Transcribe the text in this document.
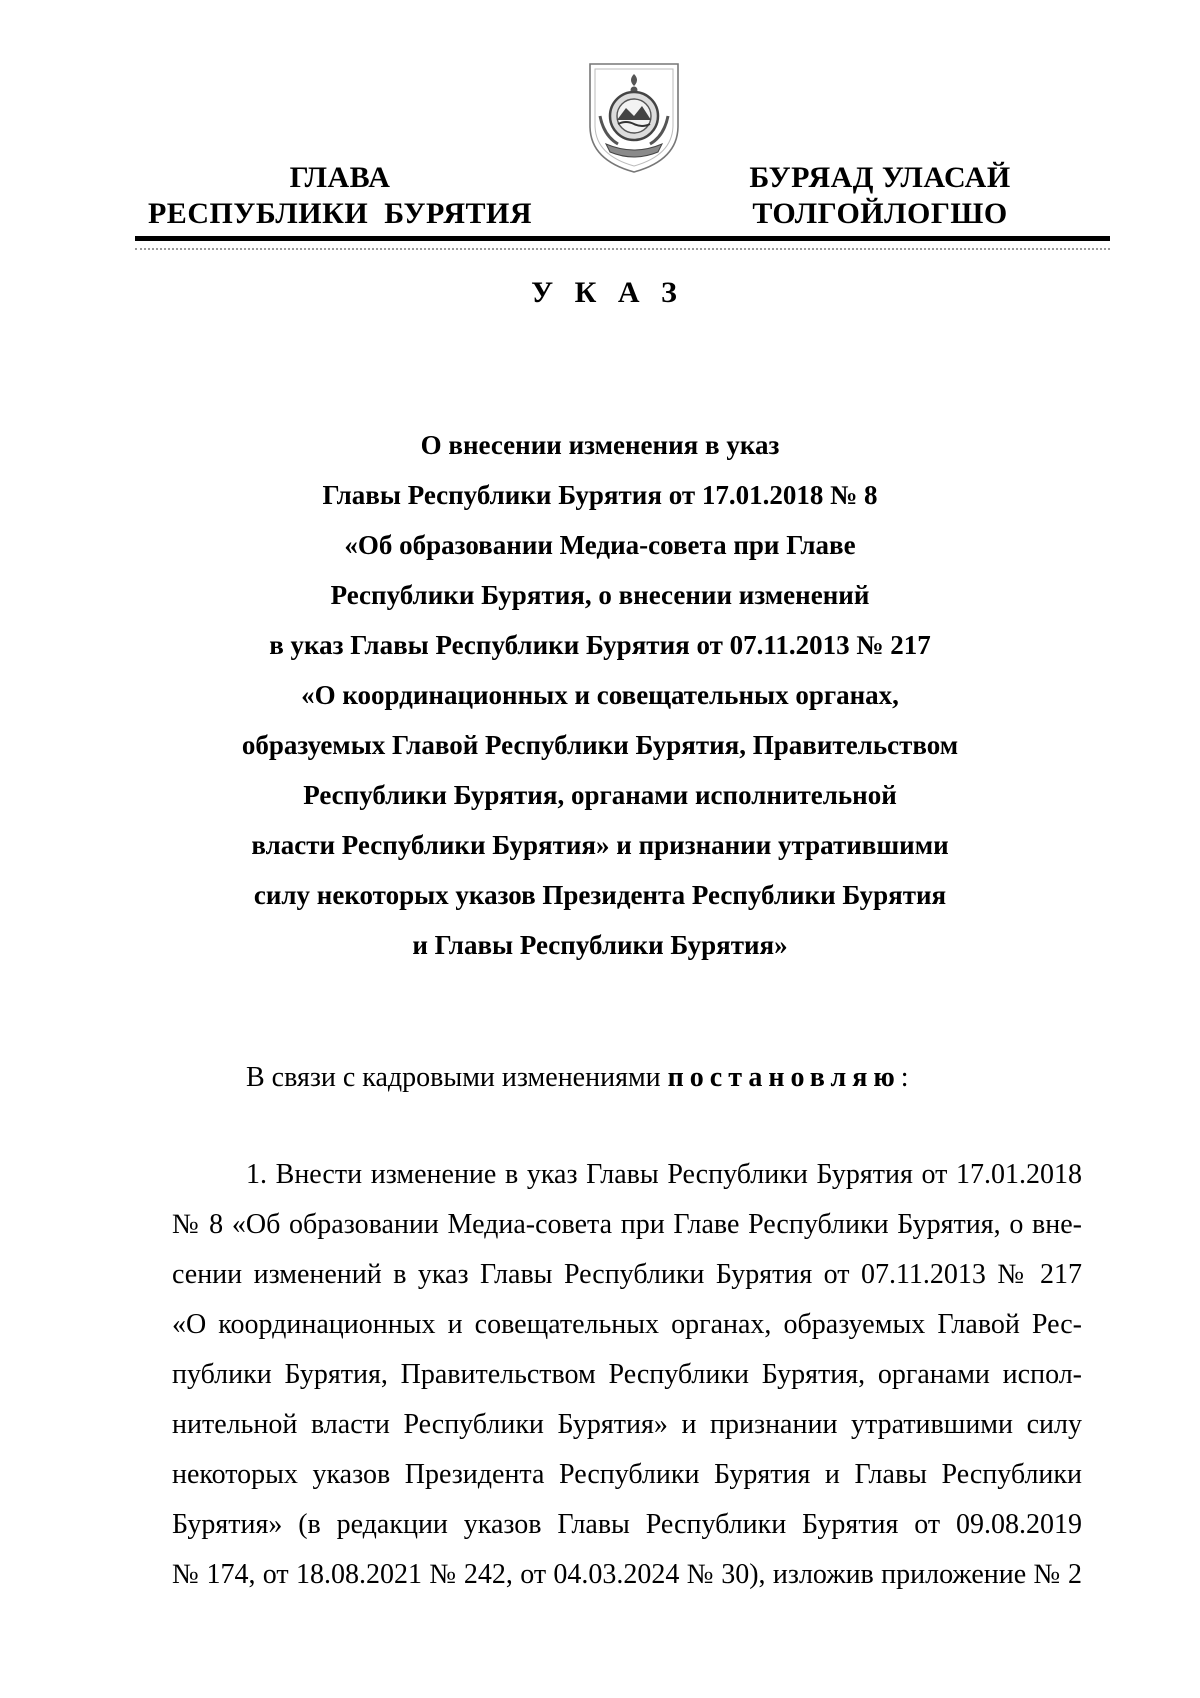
ГЛАВА
РЕСПУБЛИКИ  БУРЯТИЯ
БУРЯАД УЛАСАЙ
ТОЛГОЙЛОГШО
У К А З
О внесении изменения в указ
Главы Республики Бурятия от 17.01.2018 № 8
«Об образовании Медиа-совета при Главе
Республики Бурятия, о внесении изменений
в указ Главы Республики Бурятия от 07.11.2013 № 217
«О координационных и совещательных органах,
образуемых Главой Республики Бурятия, Правительством
Республики Бурятия, органами исполнительной
власти Республики Бурятия» и признании утратившими
силу некоторых указов Президента Республики Бурятия
и Главы Республики Бурятия»
В связи с кадровыми изменениями постановляю:
1. Внести изменение в указ Главы Республики Бурятия от 17.01.2018
№ 8 «Об образовании Медиа-совета при Главе Республики Бурятия, о вне-
сении изменений в указ Главы Республики Бурятия от 07.11.2013 № 217
«О координационных и совещательных органах, образуемых Главой Рес-
публики Бурятия, Правительством Республики Бурятия, органами испол-
нительной власти Республики Бурятия» и признании утратившими силу
некоторых указов Президента Республики Бурятия и Главы Республики
Бурятия» (в редакции указов Главы Республики Бурятия от 09.08.2019
№ 174, от 18.08.2021 № 242, от 04.03.2024 № 30), изложив приложение № 2
